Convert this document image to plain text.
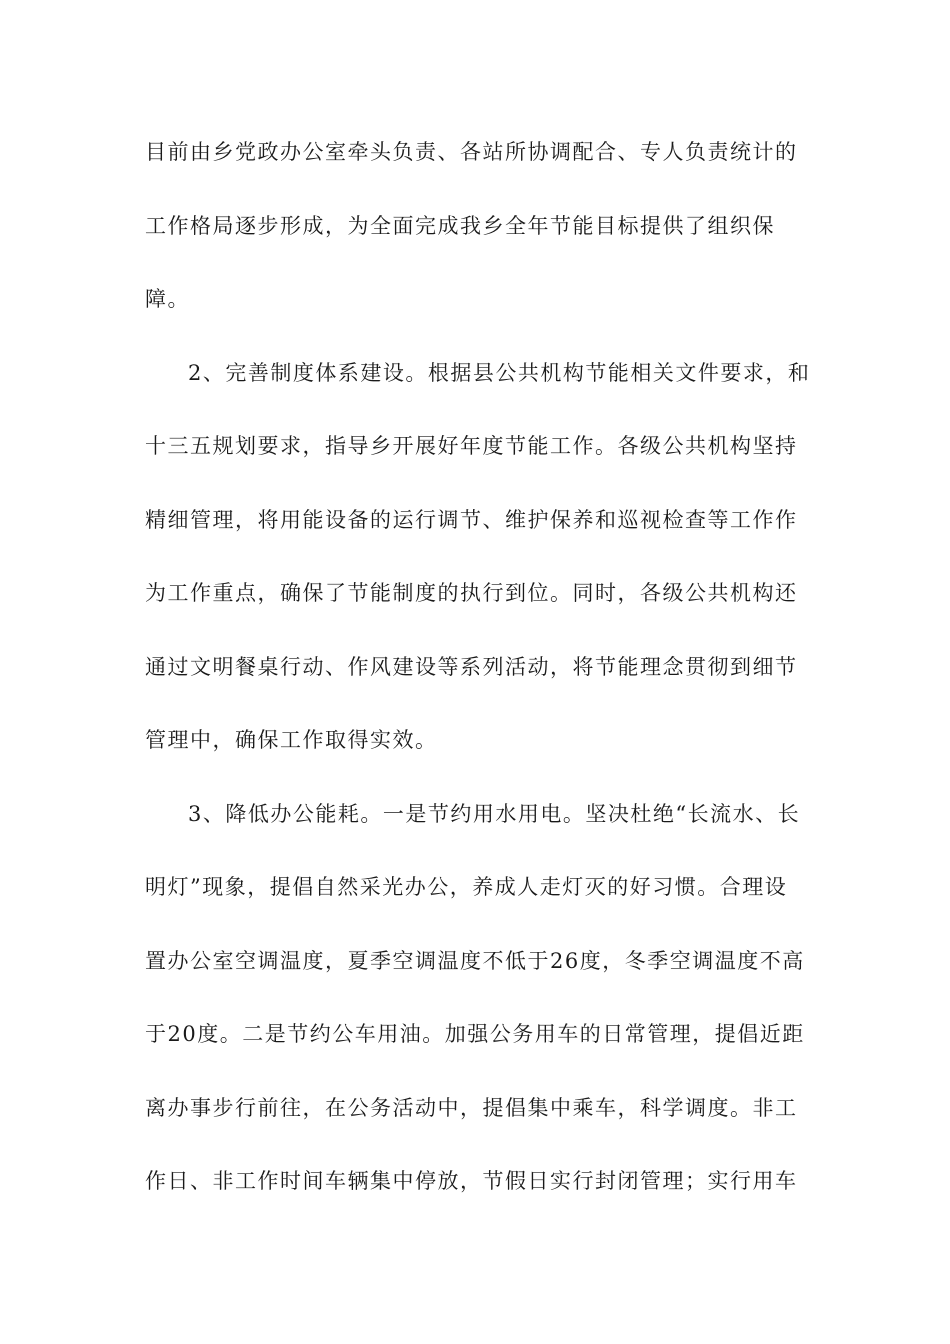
目前由乡党政办公室牵头负责、各站所协调配合、专人负责统计的
工作格局逐步形成，为全面完成我乡全年节能目标提供了组织保
障。
2、完善制度体系建设。根据县公共机构节能相关文件要求，和
十三五规划要求，指导乡开展好年度节能工作。各级公共机构坚持
精细管理，将用能设备的运行调节、维护保养和巡视检查等工作作
为工作重点，确保了节能制度的执行到位。同时，各级公共机构还
通过文明餐桌行动、作风建设等系列活动，将节能理念贯彻到细节
管理中，确保工作取得实效。
3、降低办公能耗。一是节约用水用电。坚决杜绝“长流水、长
明灯”现象，提倡自然采光办公，养成人走灯灭的好习惯。合理设
置办公室空调温度，夏季空调温度不低于26度，冬季空调温度不高
于20度。二是节约公车用油。加强公务用车的日常管理，提倡近距
离办事步行前往，在公务活动中，提倡集中乘车，科学调度。非工
作日、非工作时间车辆集中停放，节假日实行封闭管理；实行用车
